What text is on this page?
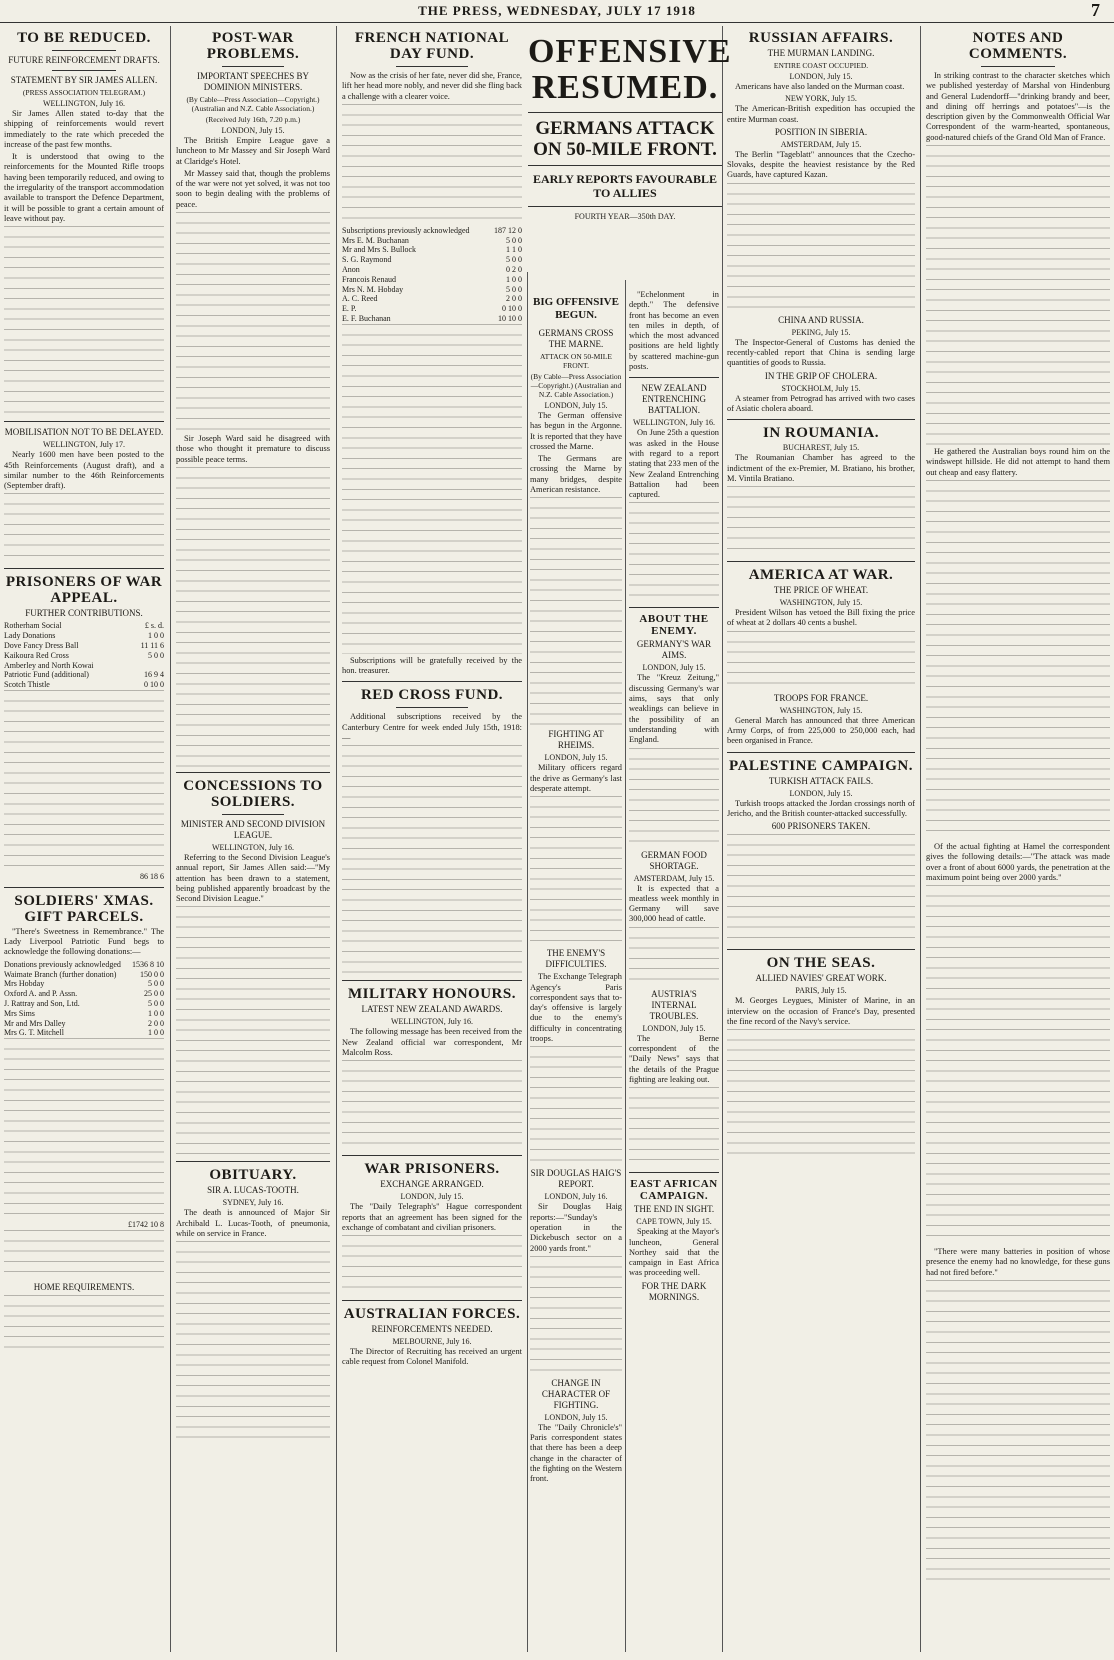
THE PRESS, WEDNESDAY, JULY 17 1918	7
TO BE REDUCED.
FUTURE REINFORCEMENT DRAFTS.
STATEMENT BY SIR JAMES ALLEN.
(PRESS ASSOCIATION TELEGRAM.)
WELLINGTON, July 16.

Sir James Allen stated to-day that the shipping of reinforcements would revert immediately to the rate which preceded the increase of the past few months.

It is understood that owing to the reinforcements for the Mounted Rifle troops having been temporarily reduced, and owing to the irregularity of the transport accommodation available to transport the Defence Department, it will be possible to grant a certain amount of leave without pay.

MOBILISATION NOT TO BE DELAYED.
WELLINGTON, July 17.

Nearly 1600 men have been posted to the 45th Reinforcements (August draft), and a similar number to the 46th Reinforcements (September draft).

PRISONERS OF WAR APPEAL.
FURTHER CONTRIBUTIONS.
Rotherham Social	£ s. d.
Lady Donations	1 0 0
Dove Fancy Dress Ball	11 11 6
Kaikoura Red Cross	5 0 0
Amberley and North Kowai
Patriotic Fund (additional)	16 9 4
Scotch Thistle	0 10 0

86 18 6
SOLDIERS' XMAS. GIFT PARCELS.

"There's Sweetness in Remembrance." The Lady Liverpool Patriotic Fund begs to acknowledge the following donations:—

Donations previously acknowledged 1536 8 10
Waimate Branch (further donation)	150 0 0
Mrs Hobday	5 0 0
Oxford A. and P. Assn.	25 0 0
J. Rattray and Son, Ltd.	5 0 0
Mrs Sims	1 0 0
Mr and Mrs Dalley	2 0 0
Mrs G. T. Mitchell	1 0 0

£1742 10 8

HOME REQUIREMENTS.

POST-WAR PROBLEMS.
IMPORTANT SPEECHES BY DOMINION MINISTERS.
(By Cable—Press Association—Copyright.) (Australian and N.Z. Cable Association.)
(Received July 16th, 7.20 p.m.)
LONDON, July 15.

The British Empire League gave a luncheon to Mr Massey and Sir Joseph Ward at Claridge's Hotel.

Mr Massey said that, though the problems of the war were not yet solved, it was not too soon to begin dealing with the problems of peace.

Sir Joseph Ward said he disagreed with those who thought it premature to discuss possible peace terms.

CONCESSIONS TO SOLDIERS.
MINISTER AND SECOND DIVISION LEAGUE.
WELLINGTON, July 16.

Referring to the Second Division League's annual report, Sir James Allen said:—"My attention has been drawn to a statement, being published apparently broadcast by the Second Division League."

OBITUARY.
SIR A. LUCAS-TOOTH.
SYDNEY, July 16.

The death is announced of Major Sir Archibald L. Lucas-Tooth, of pneumonia, while on service in France.

FRENCH NATIONAL DAY FUND.

Now as the crisis of her fate, never did she, France, lift her head more nobly, and never did she fling back a challenge with a clearer voice.

Subscriptions previously acknowledged	187 12 0
Mrs E. M. Buchanan	5 0 0
Mr and Mrs S. Bullock	1 1 0
S. G. Raymond	5 0 0
Anon	0 2 0
Francois Renaud	1 0 0
Mrs N. M. Hobday	5 0 0
A. C. Reed	2 0 0
E. P.	0 10 0
E. F. Buchanan	10 10 0

Subscriptions will be gratefully received by the hon. treasurer.

RED CROSS FUND.

Additional subscriptions received by the Canterbury Centre for week ended July 15th, 1918:—

MILITARY HONOURS.
LATEST NEW ZEALAND AWARDS.
WELLINGTON, July 16.

The following message has been received from the New Zealand official war correspondent, Mr Malcolm Ross.

WAR PRISONERS.
EXCHANGE ARRANGED.
LONDON, July 15.

The "Daily Telegraph's" Hague correspondent reports that an agreement has been signed for the exchange of combatant and civilian prisoners.

AUSTRALIAN FORCES.
REINFORCEMENTS NEEDED.
MELBOURNE, July 16.

The Director of Recruiting has received an urgent cable request from Colonel Manifold.

OFFENSIVE RESUMED.
GERMANS ATTACK ON 50-MILE FRONT.
EARLY REPORTS FAVOURABLE TO ALLIES
FOURTH YEAR—350th DAY.
BIG OFFENSIVE BEGUN.
GERMANS CROSS THE MARNE.
ATTACK ON 50-MILE FRONT.
(By Cable—Press Association—Copyright.) (Australian and N.Z. Cable Association.)
LONDON, July 15.

The German offensive has begun in the Argonne. It is reported that they have crossed the Marne.

The Germans are crossing the Marne by many bridges, despite American resistance.

FIGHTING AT RHEIMS.
LONDON, July 15.

Military officers regard the drive as Germany's last desperate attempt.

THE ENEMY'S DIFFICULTIES.

The Exchange Telegraph Agency's Paris correspondent says that to-day's offensive is largely due to the enemy's difficulty in concentrating troops.

SIR DOUGLAS HAIG'S REPORT.
LONDON, July 16.

Sir Douglas Haig reports:—"Sunday's operation in the Dickebusch sector on a 2000 yards front."

CHANGE IN CHARACTER OF FIGHTING.
LONDON, July 15.

The "Daily Chronicle's" Paris correspondent states that there has been a deep change in the character of the fighting on the Western front.

"Echelonment in depth." The defensive front has become an even ten miles in depth, of which the most advanced positions are held lightly by scattered machine-gun posts.

NEW ZEALAND ENTRENCHING BATTALION.
WELLINGTON, July 16.

On June 25th a question was asked in the House with regard to a report stating that 233 men of the New Zealand Entrenching Battalion had been captured.

ABOUT THE ENEMY.
GERMANY'S WAR AIMS.
LONDON, July 15.

The "Kreuz Zeitung," discussing Germany's war aims, says that only weaklings can believe in the possibility of an understanding with England.

GERMAN FOOD SHORTAGE.
AMSTERDAM, July 15.

It is expected that a meatless week monthly in Germany will save 300,000 head of cattle.

AUSTRIA'S INTERNAL TROUBLES.
LONDON, July 15.

The Berne correspondent of the "Daily News" says that the details of the Prague fighting are leaking out.

EAST AFRICAN CAMPAIGN.
THE END IN SIGHT.
CAPE TOWN, July 15.

Speaking at the Mayor's luncheon, General Northey said that the campaign in East Africa was proceeding well.

FOR THE DARK MORNINGS.
RUSSIAN AFFAIRS.
THE MURMAN LANDING.
ENTIRE COAST OCCUPIED.
LONDON, July 15.

Americans have also landed on the Murman coast.

NEW YORK, July 15.

The American-British expedition has occupied the entire Murman coast.

POSITION IN SIBERIA.
AMSTERDAM, July 15.

The Berlin "Tageblatt" announces that the Czecho-Slovaks, despite the heaviest resistance by the Red Guards, have captured Kazan.

CHINA AND RUSSIA.
PEKING, July 15.

The Inspector-General of Customs has denied the recently-cabled report that China is sending large quantities of goods to Russia.

IN THE GRIP OF CHOLERA.
STOCKHOLM, July 15.

A steamer from Petrograd has arrived with two cases of Asiatic cholera aboard.

IN ROUMANIA.
BUCHAREST, July 15.

The Roumanian Chamber has agreed to the indictment of the ex-Premier, M. Bratiano, his brother, M. Vintila Bratiano.

AMERICA AT WAR.
THE PRICE OF WHEAT.
WASHINGTON, July 15.

President Wilson has vetoed the Bill fixing the price of wheat at 2 dollars 40 cents a bushel.

TROOPS FOR FRANCE.
WASHINGTON, July 15.

General March has announced that three American Army Corps, of from 225,000 to 250,000 each, had been organised in France.

PALESTINE CAMPAIGN.
TURKISH ATTACK FAILS.
LONDON, July 15.

Turkish troops attacked the Jordan crossings north of Jericho, and the British counter-attacked successfully.

600 PRISONERS TAKEN.

ON THE SEAS.
ALLIED NAVIES' GREAT WORK.
PARIS, July 15.

M. Georges Leygues, Minister of Marine, in an interview on the occasion of France's Day, presented the fine record of the Navy's service.

NOTES AND COMMENTS.

In striking contrast to the character sketches which we published yesterday of Marshal von Hindenburg and General Ludendorff—"drinking brandy and beer, and dining off herrings and potatoes"—is the description given by the Commonwealth Official War Correspondent of the warm-hearted, spontaneous, good-natured chiefs of the Grand Old Man of France.

He gathered the Australian boys round him on the windswept hillside. He did not attempt to hand them out cheap and easy flattery.

Of the actual fighting at Hamel the correspondent gives the following details:—"The attack was made over a front of about 6000 yards, the penetration at the maximum point being over 2000 yards."

"There were many batteries in position of whose presence the enemy had no knowledge, for these guns had not fired before."
